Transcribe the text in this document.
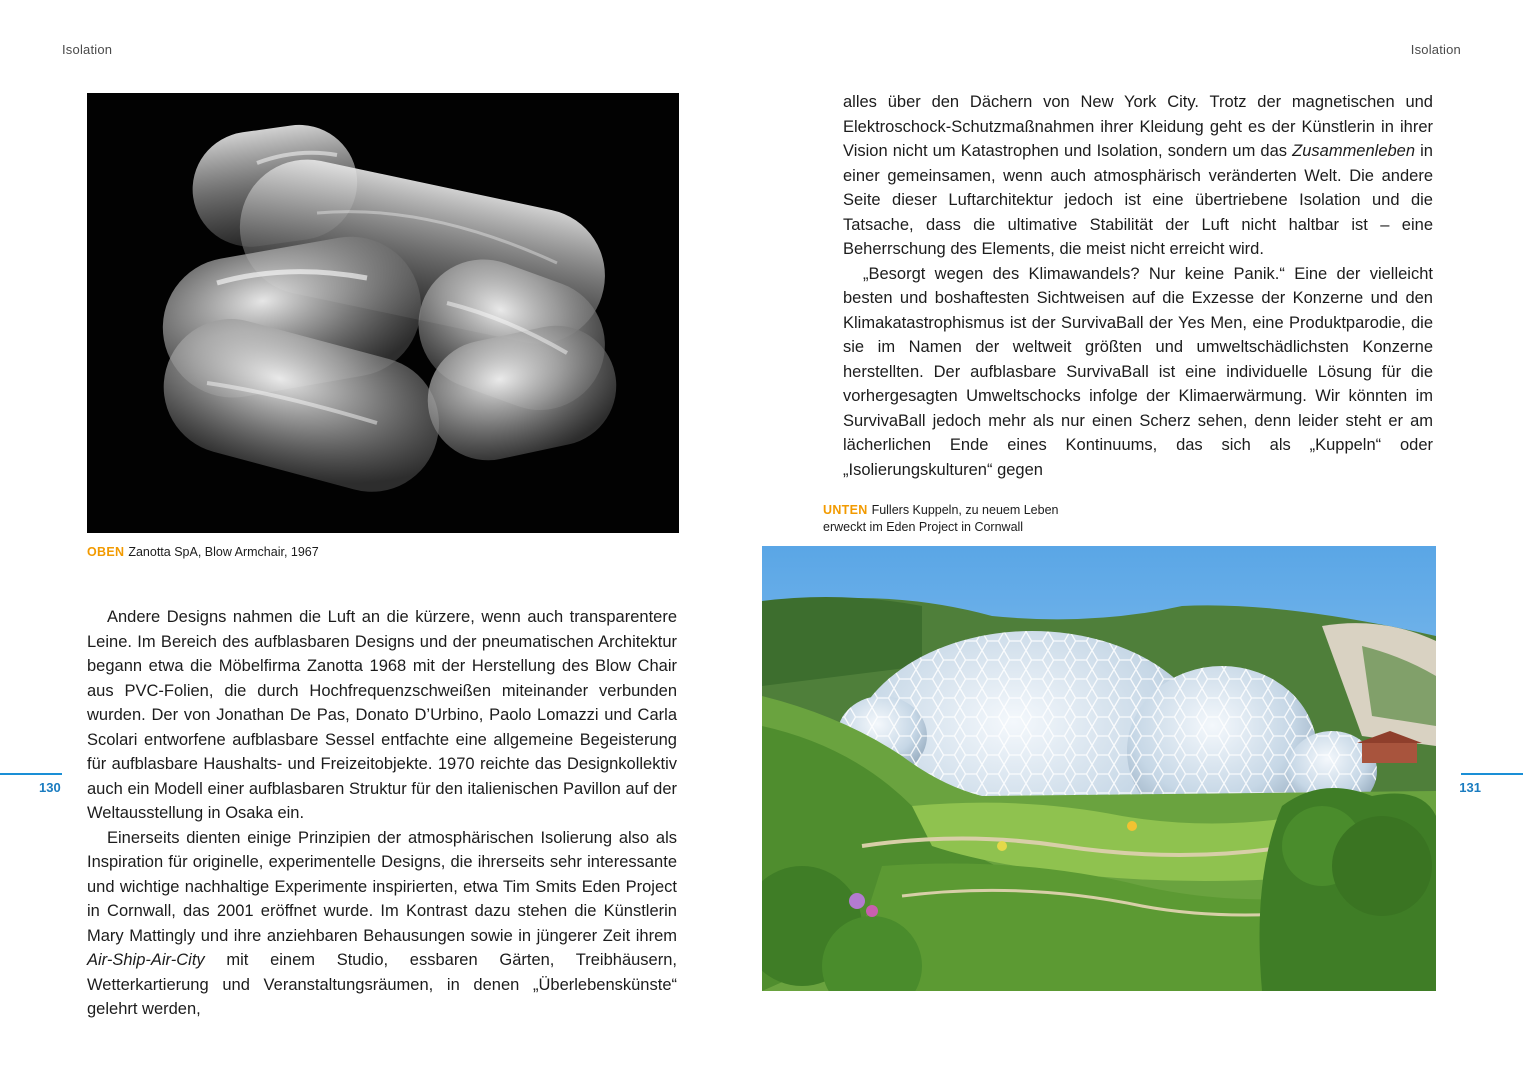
Isolation	Isolation
OBEN Zanotta SpA, Blow Armchair, 1967

Andere Designs nahmen die Luft an die kürzere, wenn auch transparentere Leine. Im Bereich des aufblasbaren Designs und der pneumatischen Architektur begann etwa die Möbelfirma Zanotta 1968 mit der Herstellung des Blow Chair aus PVC-Folien, die durch Hochfrequenzschweißen miteinander verbunden wurden. Der von Jonathan De Pas, Donato D’Urbino, Paolo Lomazzi und Carla Scolari entworfene aufblasbare Sessel entfachte eine allgemeine Begeisterung für aufblasbare Haushalts- und Freizeitobjekte. 1970 reichte das Designkollektiv auch ein Modell einer aufblasbaren Struktur für den italienischen Pavillon auf der Weltausstellung in Osaka ein.

Einerseits dienten einige Prinzipien der atmosphärischen Isolierung also als Inspiration für originelle, experimentelle Designs, die ihrerseits sehr interessante und wichtige nachhaltige Experimente inspirierten, etwa Tim Smits Eden Project in Cornwall, das 2001 eröffnet wurde. Im Kontrast dazu stehen die Künstlerin Mary Mattingly und ihre anziehbaren Behausungen sowie in jüngerer Zeit ihrem Air-Ship-Air-City mit einem Studio, essbaren Gärten, Treibhäusern, Wetterkartierung und Veranstaltungsräumen, in denen „Überlebenskünste“ gelehrt werden,

alles über den Dächern von New York City. Trotz der magnetischen und Elektroschock-Schutzmaßnahmen ihrer Kleidung geht es der Künstlerin in ihrer Vision nicht um Katastrophen und Isolation, sondern um das Zusammenleben in einer gemeinsamen, wenn auch atmosphärisch veränderten Welt. Die andere Seite dieser Luftarchitektur jedoch ist eine übertriebene Isolation und die Tatsache, dass die ultimative Stabilität der Luft nicht haltbar ist – eine Beherrschung des Elements, die meist nicht erreicht wird.

„Besorgt wegen des Klimawandels? Nur keine Panik.“ Eine der vielleicht besten und boshaftesten Sichtweisen auf die Exzesse der Konzerne und den Klimakatastrophismus ist der SurvivaBall der Yes Men, eine Produktparodie, die sie im Namen der weltweit größten und umweltschädlichsten Konzerne herstellten. Der aufblasbare SurvivaBall ist eine individuelle Lösung für die vorhergesagten Umweltschocks infolge der Klimaerwärmung. Wir könnten im SurvivaBall jedoch mehr als nur einen Scherz sehen, denn leider steht er am lächerlichen Ende eines Kontinuums, das sich als „Kuppeln“ oder „Isolierungskulturen“ gegen

UNTEN Fullers Kuppeln, zu neuem Leben erweckt im Eden Project in Cornwall
130	131
